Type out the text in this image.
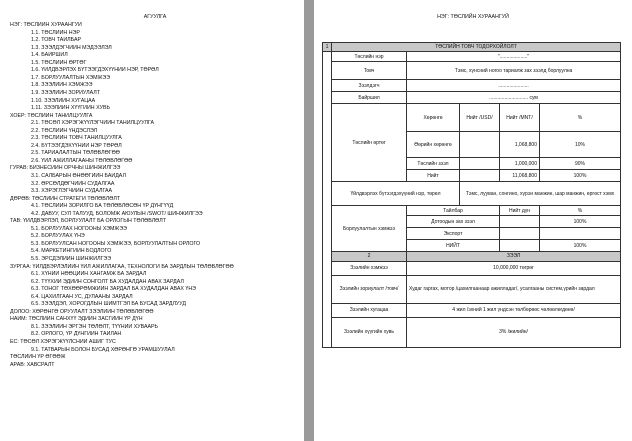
АГУУЛГА
НЭГ: ТӨСЛИЙН ХУРААНГУЙ
1.1. ТӨСЛИЙН НЭР
1.2. ТОВЧ ТАЙЛБАР
1.3. ЗЭЭЛДЭГЧИЙН МЭДЭЭЛЭЛ
1.4. БАЙРШИЛ
1.5. ТӨСЛИЙН ӨРТӨГ
1.6. ҮЙЛДВЭРЛЭХ БҮТЭЭГДЭХҮҮНИЙ НЭР, ТӨРӨЛ
1.7. БОРЛУУЛАЛТЫН ХЭМЖЭЭ
1.8. ЗЭЭЛИЙН ХЭМЖЭЭ
1.9. ЗЭЭЛИЙН ЗОРИУЛАЛТ
1.10. ЗЭЭЛИЙН ХУГАЦАА
1.11. ЗЭЭЛИЙН ХҮҮГИЙН ХУВЬ
ХОЁР: ТӨСЛИЙН ТАНИЛЦУУЛГА
2.1. ТӨСӨЛ ХЭРЭГЖҮҮЛЭГЧИЙН ТАНИЛЦУУЛГА
2.2. ТӨСЛИЙН ҮНДЭСЛЭЛ
2.3. ТӨСЛИЙН ТОВЧ ТАНИЛЦУУЛГА
2.4. БҮТЭЭГДЭХҮҮНИЙ НЭР ТӨРӨЛ
2.5. ТАРИАЛАЛТЫН ТӨЛӨВЛӨГӨӨ
2.6. ҮЙЛ АЖИЛЛАГААНЫ ТӨЛӨВЛӨГӨӨ
ГУРАВ: БИЗНЕСИЙН ОРЧНЫ ШИНЖИЛГЭЭ
3.1. САЛБАРЫН ӨНӨӨГИЙН БАЙДАЛ
3.2. ӨРСӨЛДӨГЧИЙН СУДАЛГАА
3.3. ХЭРЭГЛЭГЧИЙН СУДАЛГАА
ДӨРӨВ: ТӨСЛИЙН СТРАТЕГИ ТӨЛӨВЛӨЛТ
4.1. ТӨСЛИЙН ЗОРИЛГО БА ТӨЛӨВЛӨСӨН ҮР ДҮНГҮҮД
4.2. ДАВУУ, СУЛ ТАЛУУД, БОЛОМЖ АЮУЛЫН /SWOT/ ШИНЖИЛГЭЭ
ТАВ: ҮЙЛДВЭРЛЭЛ, БОРЛУУЛАЛТ БА ОРЛОГЫН ТӨЛӨВЛӨЛТ
5.1. БОРЛУУЛАХ НОГООНЫ ХЭМЖЭЭ
5.2. БОРЛУУЛАХ ҮНЭ
5.3. БОРЛУУЛСАН НОГООНЫ ХЭМЖЭЭ, БОРЛУУЛАЛТЫН ОРЛОГО
5.4. МАРКЕТИНГИЙН БОДЛОГО
5.5. ЭРСДЭЛИЙН ШИНЖИЛГЭЭ
ЗУРГАА: ҮЙЛДВЭРЛЭЛИЙН ҮЙЛ АЖИЛЛАГАА, ТЕХНОЛОГИ БА ЗАРДЛЫН ТӨЛӨВЛӨГӨӨ
6.1. ХҮНИЙ НӨӨЦИЙН ХАНГАМЖ БА ЗАРДАЛ
6.2. ТҮҮХИЙ ЭДИЙН СОНГОЛТ БА ХУДАЛДАН АВАХ ЗАРДАЛ
6.3. ТОНОГ ТӨХӨӨРӨМЖИЙН ЗАРДАЛ БА ХУДАЛДАН АВАХ ҮНЭ
6.4. ЦАХИЛГААН УС, ДУЛААНЫ ЗАРДАЛ
6.5. ЗЭЭЛДЭЛ, ХОРОГДЛЫН ШИМТГЭЛ БА БУСАД ЗАРДЛУУД
ДОЛОО: ХӨРӨНГӨ ОРУУЛАЛТ ЗЭЭЛИЙН ТӨЛӨВЛӨГӨӨ
НАЙМ: ТӨСЛИЙН САНХҮҮ ЭДИЙН ЗАСГИЙН ҮР ДҮН
8.1. ЗЭЭЛИЙН ЭРГЭН ТӨЛӨЛТ, ТҮҮНИЙ ХУВААРЬ
8.2. ОРЛОГО, ҮР ДҮНГИЙН ТАЙЛАН
ЕС: ТӨСӨЛ ХЭРЭГЖҮҮЛСНИЙ АШИГ ТУС
9.1. ТАТВАРЫН БОЛОН БУСАД ХӨРӨНГӨ УРАМШУУЛАЛ
ТӨСЛИЙН ҮР ӨГӨӨЖ
АРАВ: ХАВСРАЛТ
НЭГ: ТӨСЛИЙН ХУРААНГУЙ
1	ТӨСЛИЙН ТОВЧ ТОДОРХОЙЛОЛТ				
	Төслийн нэр	"...................."			
	Товч	Тэмс, хүнсний ногоо тариалж зах зээлд борлуулна			
	Зээлдэгч	......................			
	Байршил	............................ сум			
	Төслийн өртөг	Хөрөнгө	Нийт /USD/	Нийт /MNT/	%
		Өөрийн хөрөнгө		1,068,800	10%
		Төслийн зээл		1,000,000	90%
		Нийт		11,068,800	100%
	Үйлдвэрлэх бүтээгдэхүүний нэр, төрөл		Тэмс, лууван, сонгино, хүрэн манжин, шар манжин, өргөст хэмх		
	Борлуулалтын хэмжээ	Тайлбар		Нийт дүн	%
		Дотоодын зах зээл			100%
		Экспорт			
		НИЙТ			100%
	2	ЗЭЭЛ			
	Зээлийн хэмжээ	10,000,000 төгрөг			
	Зээлийн зориулалт /товч/	Худаг гаргах, мотор /цахилгаанаар ажилладаг/, усалгааны систем,үрийн зардал			
	Зээлийн хугацаа	4 жил /эхний 1 жил үндсэн төлбөрөөс чөлөөлөгдөнө/			
	Зээлийн хүүгийн хувь	3% /жилийн/			
